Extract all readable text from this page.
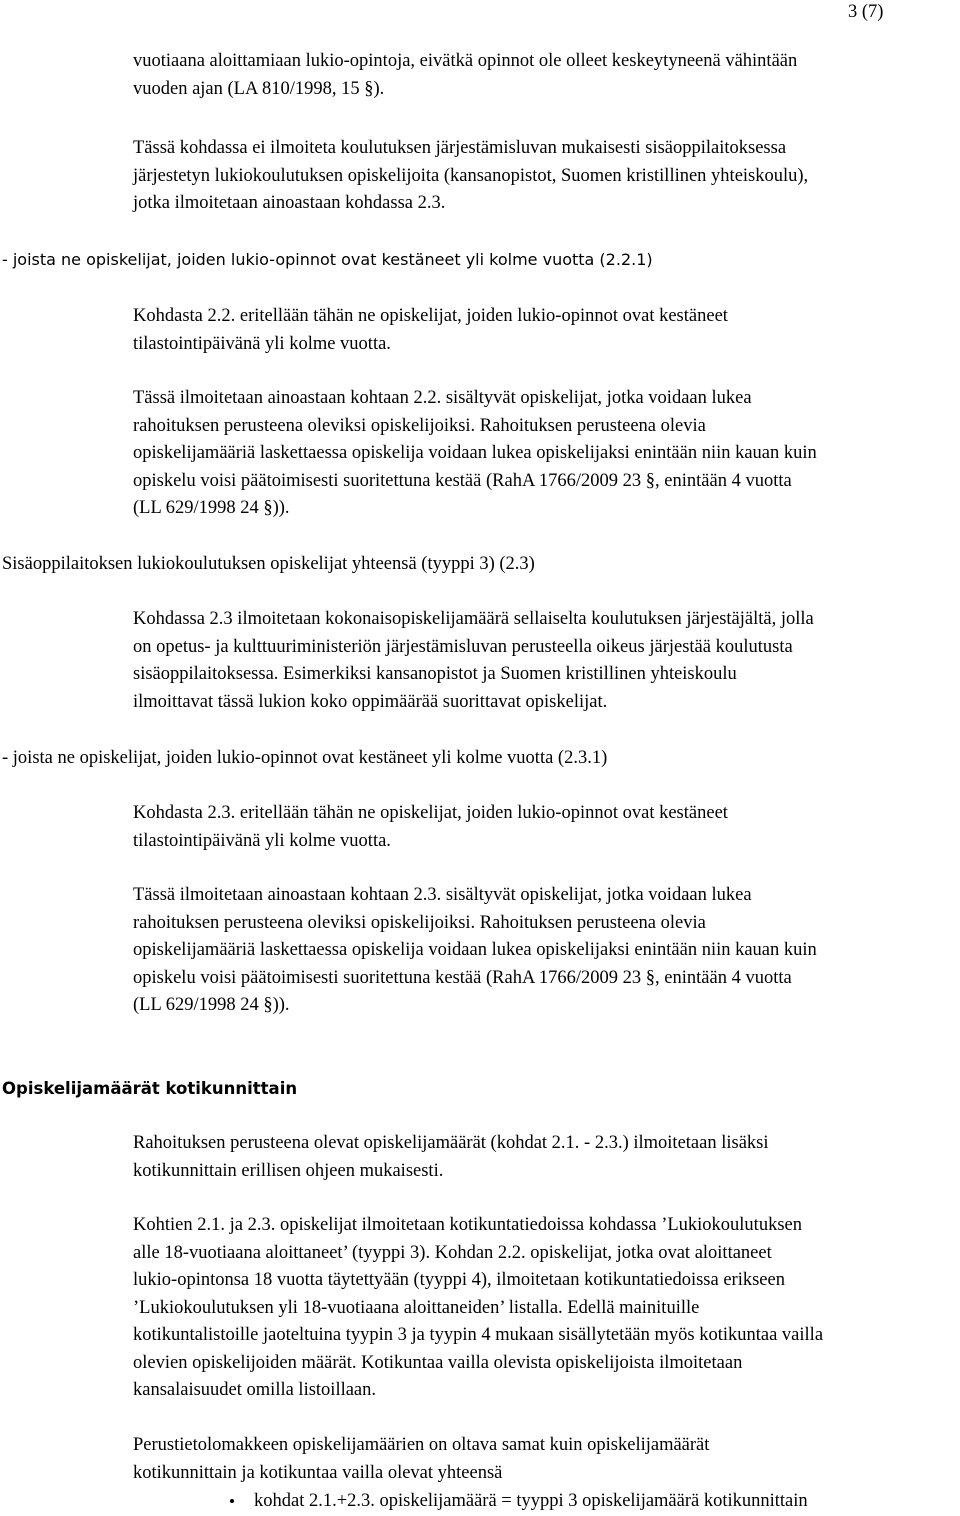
3 (7)
vuotiaana aloittamiaan lukio-opintoja, eivätkä opinnot ole olleet keskeytyneenä vähintään
vuoden ajan (LA 810/1998, 15 §).
Tässä kohdassa ei ilmoiteta koulutuksen järjestämisluvan mukaisesti sisäoppilaitoksessa
järjestetyn lukiokoulutuksen opiskelijoita (kansanopistot, Suomen kristillinen yhteiskoulu),
jotka ilmoitetaan ainoastaan kohdassa 2.3.
- joista ne opiskelijat, joiden lukio-opinnot ovat kestäneet yli kolme vuotta (2.2.1)
Kohdasta 2.2. eritellään tähän ne opiskelijat, joiden lukio-opinnot ovat kestäneet
tilastointipäivänä yli kolme vuotta.
Tässä ilmoitetaan ainoastaan kohtaan 2.2. sisältyvät opiskelijat, jotka voidaan lukea
rahoituksen perusteena oleviksi opiskelijoiksi. Rahoituksen perusteena olevia
opiskelijamääriä laskettaessa opiskelija voidaan lukea opiskelijaksi enintään niin kauan kuin
opiskelu voisi päätoimisesti suoritettuna kestää (RahA 1766/2009 23 §, enintään 4 vuotta
(LL 629/1998 24 §)).
Sisäoppilaitoksen lukiokoulutuksen opiskelijat yhteensä (tyyppi 3) (2.3)
Kohdassa 2.3 ilmoitetaan kokonaisopiskelijamäärä sellaiselta koulutuksen järjestäjältä, jolla
on opetus- ja kulttuuriministeriön järjestämisluvan perusteella oikeus järjestää koulutusta
sisäoppilaitoksessa. Esimerkiksi kansanopistot ja Suomen kristillinen yhteiskoulu
ilmoittavat tässä lukion koko oppimäärää suorittavat opiskelijat.
- joista ne opiskelijat, joiden lukio-opinnot ovat kestäneet yli kolme vuotta (2.3.1)
Kohdasta 2.3. eritellään tähän ne opiskelijat, joiden lukio-opinnot ovat kestäneet
tilastointipäivänä yli kolme vuotta.
Tässä ilmoitetaan ainoastaan kohtaan 2.3. sisältyvät opiskelijat, jotka voidaan lukea
rahoituksen perusteena oleviksi opiskelijoiksi. Rahoituksen perusteena olevia
opiskelijamääriä laskettaessa opiskelija voidaan lukea opiskelijaksi enintään niin kauan kuin
opiskelu voisi päätoimisesti suoritettuna kestää (RahA 1766/2009 23 §, enintään 4 vuotta
(LL 629/1998 24 §)).
Opiskelijamäärät kotikunnittain
Rahoituksen perusteena olevat opiskelijamäärät (kohdat 2.1. - 2.3.) ilmoitetaan lisäksi
kotikunnittain erillisen ohjeen mukaisesti.
Kohtien 2.1. ja 2.3. opiskelijat ilmoitetaan kotikuntatiedoissa kohdassa ’Lukiokoulutuksen
alle 18-vuotiaana aloittaneet’ (tyyppi 3). Kohdan 2.2. opiskelijat, jotka ovat aloittaneet
lukio-opintonsa 18 vuotta täytettyään (tyyppi 4), ilmoitetaan kotikuntatiedoissa erikseen
’Lukiokoulutuksen yli 18-vuotiaana aloittaneiden’ listalla. Edellä mainituille
kotikuntalistoille jaoteltuina tyypin 3 ja tyypin 4 mukaan sisällytetään myös kotikuntaa vailla
olevien opiskelijoiden määrät. Kotikuntaa vailla olevista opiskelijoista ilmoitetaan
kansalaisuudet omilla listoillaan.
Perustietolomakkeen opiskelijamäärien on oltava samat kuin opiskelijamäärät
kotikunnittain ja kotikuntaa vailla olevat yhteensä
kohdat 2.1.+2.3. opiskelijamäärä = tyyppi 3 opiskelijamäärä kotikunnittain
